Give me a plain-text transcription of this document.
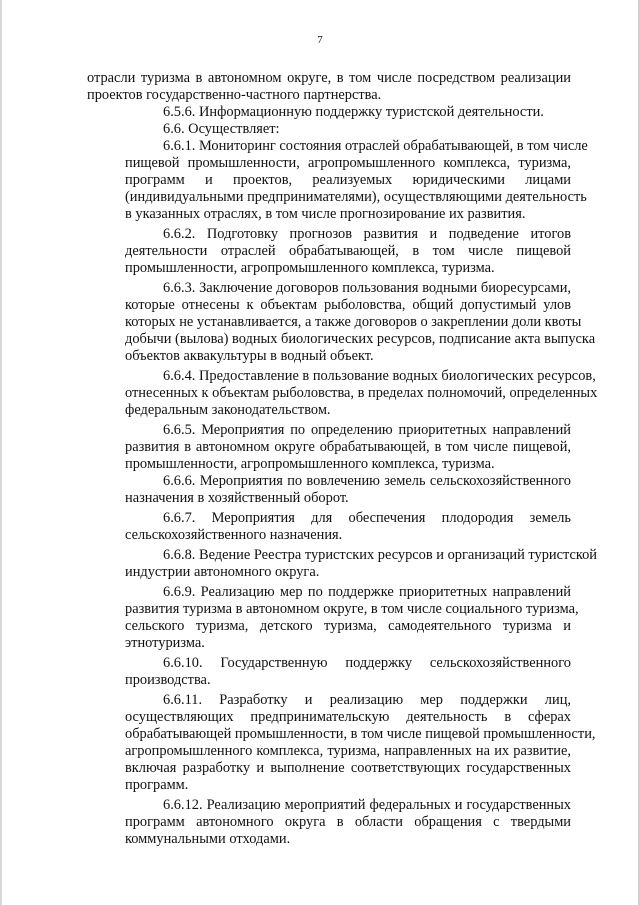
7
отрасли туризма в автономном округе, в том числе посредством реализации
проектов государственно-частного партнерства.
6.5.6. Информационную поддержку туристской деятельности.
6.6. Осуществляет:
6.6.1. Мониторинг состояния отраслей обрабатывающей, в том числе
пищевой промышленности, агропромышленного комплекса, туризма,
программ и проектов, реализуемых юридическими лицами
(индивидуальными предпринимателями), осуществляющими деятельность
в указанных отраслях, в том числе прогнозирование их развития.
6.6.2. Подготовку прогнозов развития и подведение итогов
деятельности отраслей обрабатывающей, в том числе пищевой
промышленности, агропромышленного комплекса, туризма.
6.6.3. Заключение договоров пользования водными биоресурсами,
которые отнесены к объектам рыболовства, общий допустимый улов
которых не устанавливается, а также договоров о закреплении доли квоты
добычи (вылова) водных биологических ресурсов, подписание акта выпуска
объектов аквакультуры в водный объект.
6.6.4. Предоставление в пользование водных биологических ресурсов,
отнесенных к объектам рыболовства, в пределах полномочий, определенных
федеральным законодательством.
6.6.5. Мероприятия по определению приоритетных направлений
развития в автономном округе обрабатывающей, в том числе пищевой,
промышленности, агропромышленного комплекса, туризма.
6.6.6. Мероприятия по вовлечению земель сельскохозяйственного
назначения в хозяйственный оборот.
6.6.7. Мероприятия для обеспечения плодородия земель
сельскохозяйственного назначения.
6.6.8. Ведение Реестра туристских ресурсов и организаций туристской
индустрии автономного округа.
6.6.9. Реализацию мер по поддержке приоритетных направлений
развития туризма в автономном округе, в том числе социального туризма,
сельского туризма, детского туризма, самодеятельного туризма и
этнотуризма.
6.6.10. Государственную поддержку сельскохозяйственного
производства.
6.6.11. Разработку и реализацию мер поддержки лиц,
осуществляющих предпринимательскую деятельность в сферах
обрабатывающей промышленности, в том числе пищевой промышленности,
агропромышленного комплекса, туризма, направленных на их развитие,
включая разработку и выполнение соответствующих государственных
программ.
6.6.12. Реализацию мероприятий федеральных и государственных
программ автономного округа в области обращения с твердыми
коммунальными отходами.
